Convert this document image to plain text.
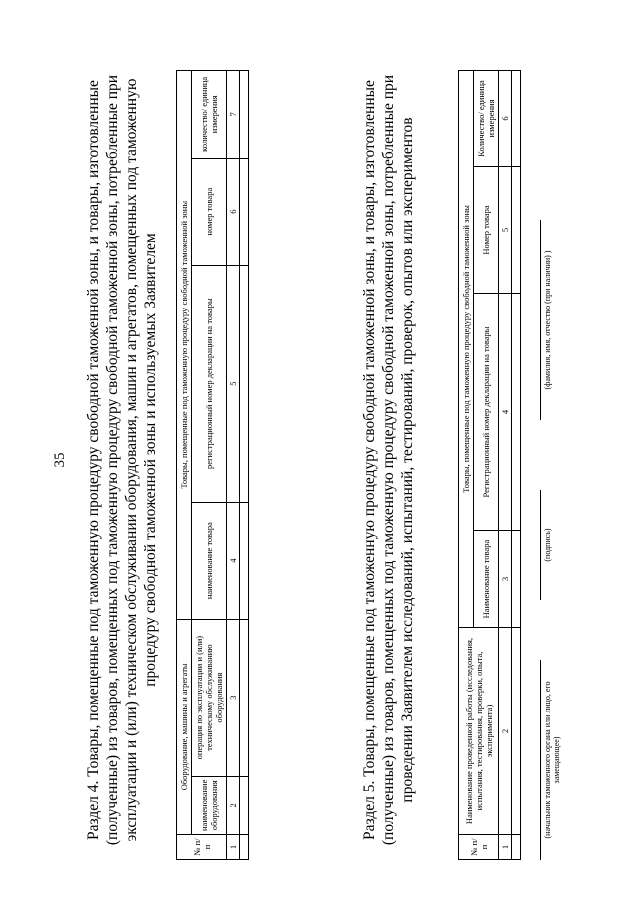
35 Раздел 4. Товары, помещенные под таможенную процедуру свободной таможенной зоны, и товары, изготовленные (полученные) из товаров, помещенных под таможенную процедуру свободной таможенной зоны, потребленные при эксплуатации и (или) техническом обслуживании оборудования, машин и агрегатов, помещенных под таможенную процедуру свободной таможенной зоны и используемых Заявителем
№ п/п	Оборудование, машины и агрегаты		Товары, помещенные под таможенную процедуру свободной таможенной зоны			
	наименование оборудования	операция по эксплуатации и (или) техническому обслуживанию оборудования	наименование товара	регистрационный номер декларации на товары	номер товара	количество/ единица измерения
1	2	3	4	5	6	7
							Раздел 5. Товары, помещенные под таможенную процедуру свободной таможенной зоны, и товары, изготовленные (полученные) из товаров, помещенных под таможенную процедуру свободной таможенной зоны, потребленные при проведении Заявителем исследований, испытаний, тестирований, проверок, опытов или экспериментов
№ п/п	Наименование проведенной работы (исследования, испытания, тестирования, проверки, опыта, эксперимента)	Товары, помещенные под таможенную процедуру свободной таможенной зоны			
		Наименование товара	Регистрационный номер декларации на товары	Номер товара	Количество/ единица измерения
1	2	3	4	5	6

(начальник таможенного органа или лицо, его замещающее)
(подпись)
(фамилия, имя, отчество (при наличии) )
